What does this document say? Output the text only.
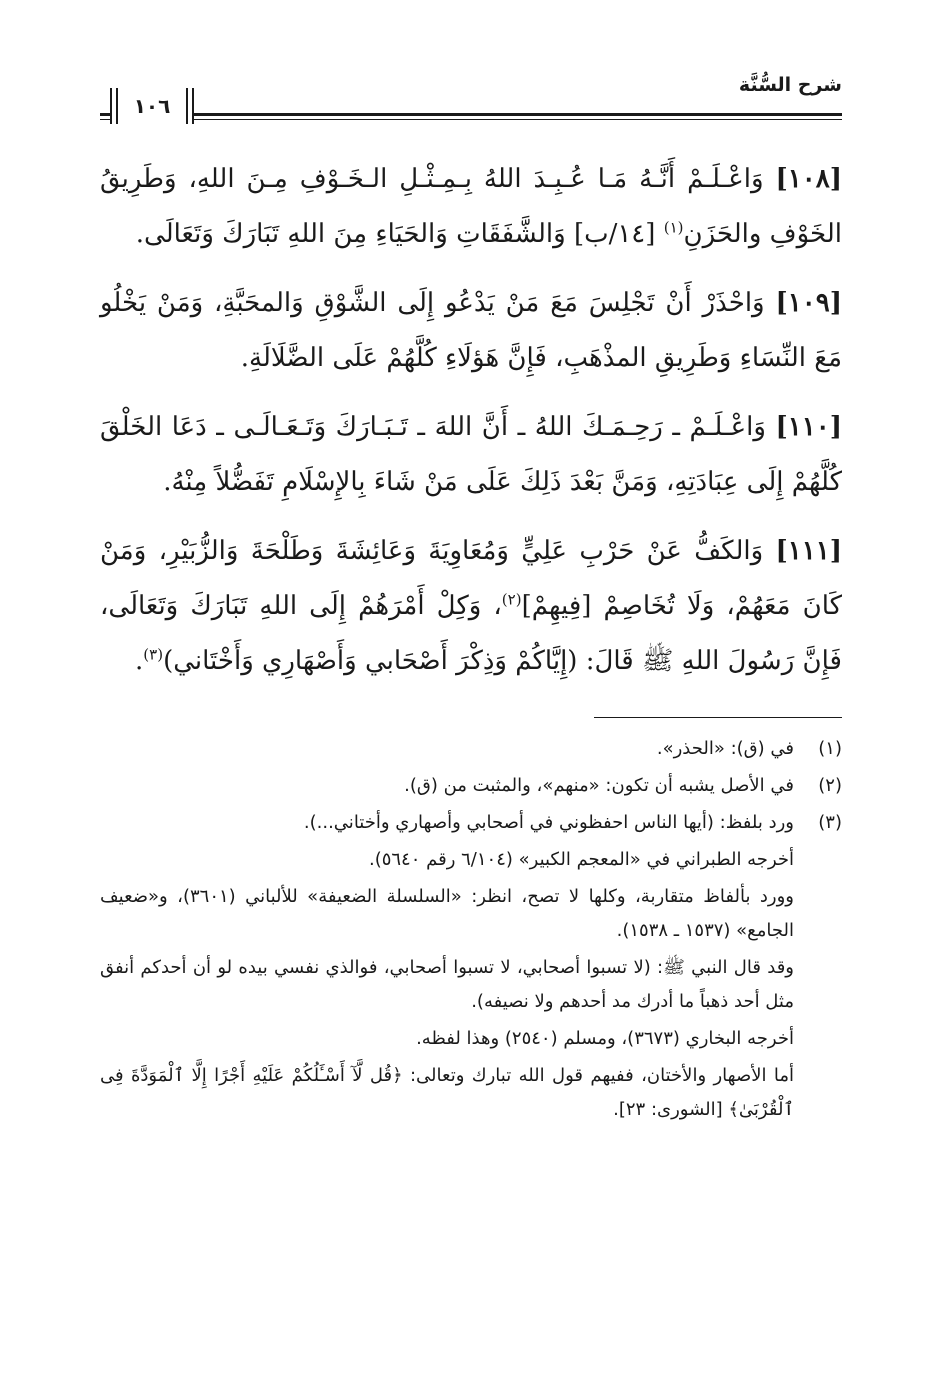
شرح السُّنَّة
١٠٦

[١٠٨] وَاعْـلَـمْ أَنَّـهُ مَـا عُـبِـدَ اللهُ بِـمِـثْـلِ الـخَـوْفِ مِـنَ اللهِ، وَطَرِيقُ الخَوْفِ والحَزَنِ$^{(١)}$ [١٤/ب] وَالشَّفَقَاتِ وَالحَيَاءِ مِنَ اللهِ تَبَارَكَ وَتَعَالَى.

[١٠٩] وَاحْذَرْ أَنْ تَجْلِسَ مَعَ مَنْ يَدْعُو إِلَى الشَّوْقِ وَالمحَبَّةِ، وَمَنْ يَخْلُو مَعَ النِّسَاءِ وَطَرِيقِ المذْهَبِ، فَإِنَّ هَؤلَاءِ كُلَّهُمْ عَلَى الضَّلَالَةِ.

[١١٠] وَاعْـلَـمْ ـ رَحِـمَـكَ اللهُ ـ أَنَّ اللهَ ـ تَـبَـارَكَ وَتَـعَـالَـى ـ دَعَا الخَلْقَ كُلَّهُمْ إِلَى عِبَادَتِهِ، وَمَنَّ بَعْدَ ذَلِكَ عَلَى مَنْ شَاءَ بِالإِسْلَامِ تَفَضُّلاً مِنْهُ.

[١١١] وَالكَفُّ عَنْ حَرْبِ عَلِيٍّ وَمُعَاوِيَةَ وَعَائِشَةَ وَطَلْحَةَ وَالزُّبَيْرِ، وَمَنْ كَانَ مَعَهُمْ، وَلَا تُخَاصِمْ [فِيهِمْ]$^{(٢)}$، وَكِلْ أَمْرَهُمْ إِلَى اللهِ تَبَارَكَ وَتَعَالَى، فَإِنَّ رَسُولَ اللهِ ﷺ قَالَ: (إِيَّاكُمْ وَذِكْرَ أَصْحَابي وَأَصْهَارِي وَأَخْتَاني)$^{(٣)}$.

(١)
في (ق): «الحذر».
(٢)
في الأصل يشبه أن تكون: «منهم»، والمثبت من (ق).
(٣)
ورد بلفظ: (أيها الناس احفظوني في أصحابي وأصهاري وأختاني...).
أخرجه الطبراني في «المعجم الكبير» (٦/١٠٤ رقم ٥٦٤٠).
وورد بألفاظ متقاربة، وكلها لا تصح، انظر: «السلسلة الضعيفة» للألباني (٣٦٠١)، و«ضعيف الجامع» (١٥٣٧ ـ ١٥٣٨).
وقد قال النبي ﷺ: (لا تسبوا أصحابي، لا تسبوا أصحابي، فوالذي نفسي بيده لو أن أحدكم أنفق مثل أحد ذهباً ما أدرك مد أحدهم ولا نصيفه).
أخرجه البخاري (٣٦٧٣)، ومسلم (٢٥٤٠) وهذا لفظه.
أما الأصهار والأختان، ففيهم قول الله تبارك وتعالى: ﴿قُل لَّآ أَسْـَٔلُكُمْ عَلَيْهِ أَجْرًا إِلَّا ٱلْمَوَدَّةَ فِى ٱلْقُرْبَىٰ﴾ [الشورى: ٢٣].
